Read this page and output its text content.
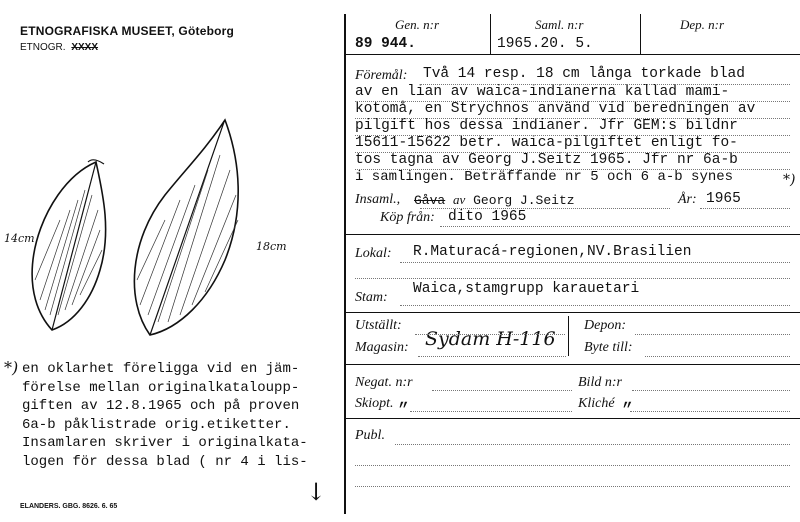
ETNOGRAFISKA MUSEET, Göteborg
ETNOGR. XXXX
14cm
18cm
*) en oklarhet föreligga vid en jäm-
förelse mellan originalkataloupp-
giften av 12.8.1965 och på proven
6a-b påklistrade orig.etiketter.
Insamlaren skriver i originalkata-
logen för dessa blad ( nr 4 i lis-
↓
ELANDERS. GBG. 8626. 6. 65
Gen. n:r
89 944.
Saml. n:r
1965.20. 5.
Dep. n:r
Föremål: Två 14 resp. 18 cm långa torkade blad
av en lian av waica-indianerna kallad mami-
kotomå, en Strychnos använd vid beredningen av
pilgift hos dessa indianer. Jfr GEM:s bildnr
15611-15622 betr. waica-pilgiftet enligt fo-
tos tagna av Georg J.Seitz 1965. Jfr nr 6a-b
i samlingen. Beträffande nr 5 och 6 a-b synes	*)
Insaml., Gåva av Georg J.Seitz	År: 1965
Köp från: dito 1965
Lokal: R.Maturacá-regionen,NV.Brasilien
Waica,stamgrupp karauetari
Stam:
Utställt:
Magasin: Sydam H-116
Depon:
Byte till:
Negat. n:r	Bild n:r
Skiopt. „	Kliché „
Publ.
